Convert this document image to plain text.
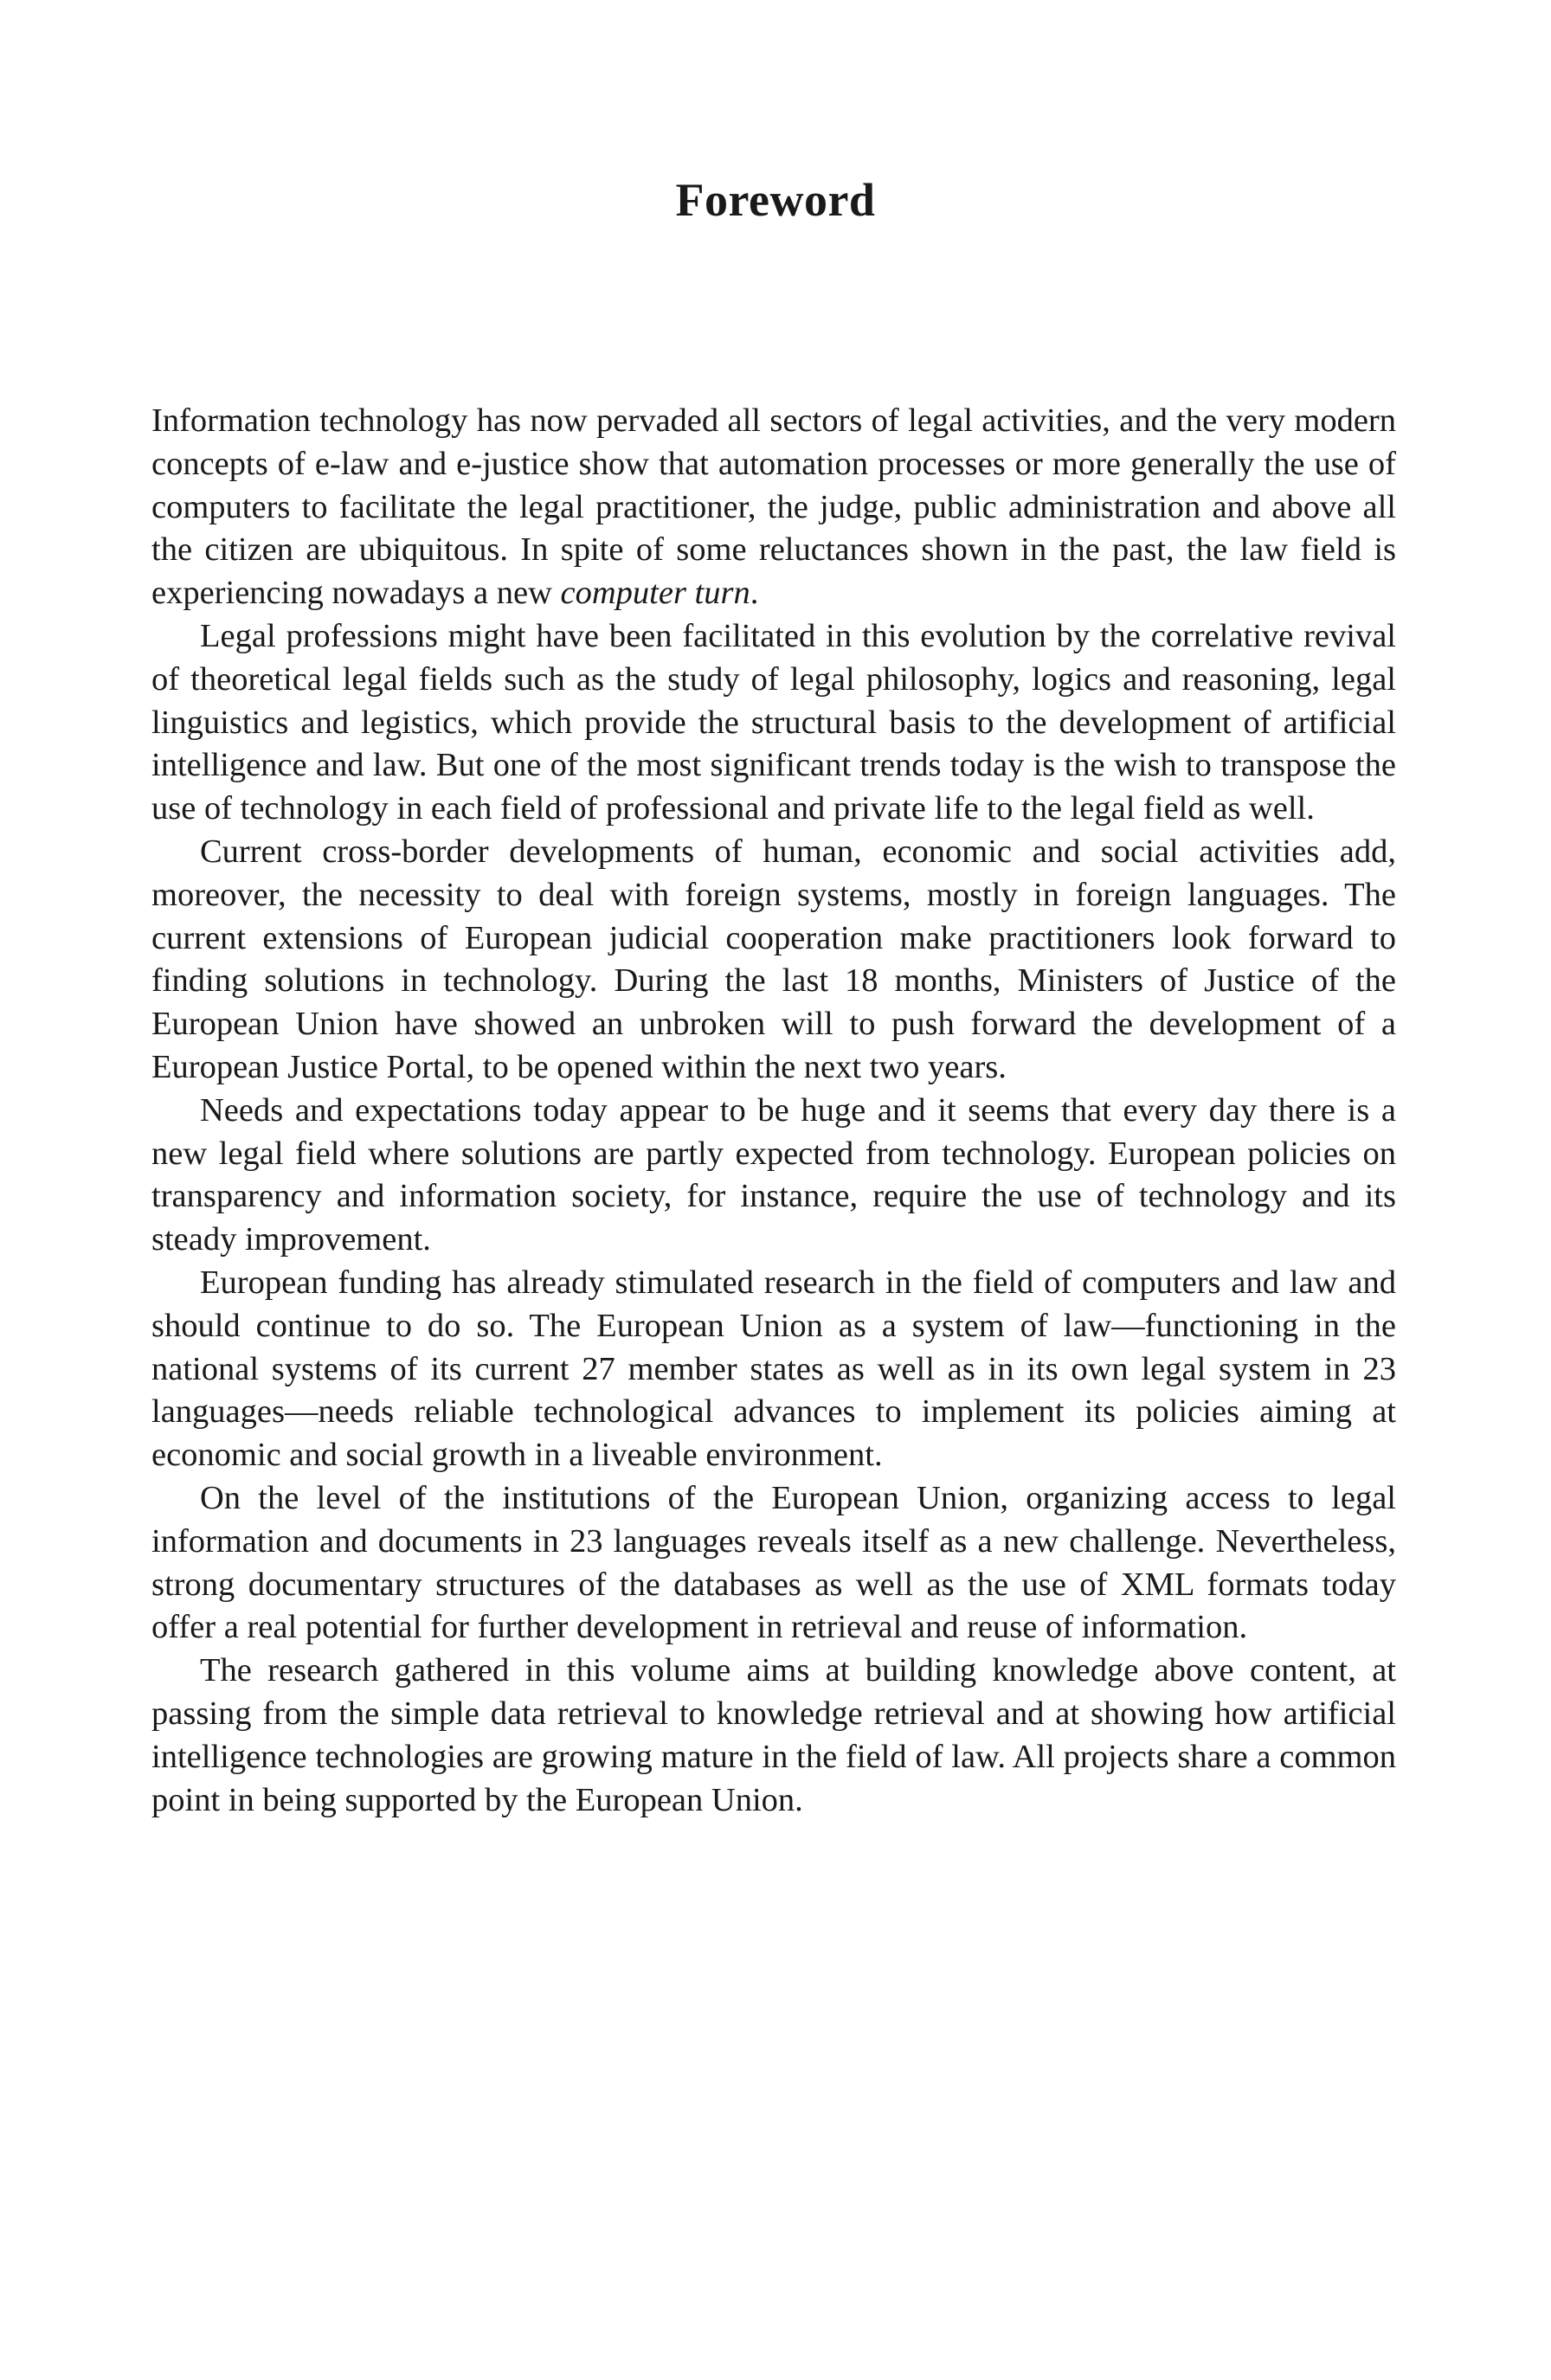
Foreword

Information technology has now pervaded all sectors of legal activities, and the very modern concepts of e-law and e-justice show that automation processes or more generally the use of computers to facilitate the legal practitioner, the judge, public administration and above all the citizen are ubiquitous. In spite of some reluctances shown in the past, the law field is experiencing nowadays a new computer turn.

Legal professions might have been facilitated in this evolution by the correlative revival of theoretical legal fields such as the study of legal philosophy, logics and reasoning, legal linguistics and legistics, which provide the structural basis to the development of artificial intelligence and law. But one of the most significant trends today is the wish to transpose the use of technology in each field of professional and private life to the legal field as well.

Current cross-border developments of human, economic and social activities add, moreover, the necessity to deal with foreign systems, mostly in foreign languages. The current extensions of European judicial cooperation make practitioners look forward to finding solutions in technology. During the last 18 months, Ministers of Justice of the European Union have showed an unbroken will to push forward the development of a European Justice Portal, to be opened within the next two years.

Needs and expectations today appear to be huge and it seems that every day there is a new legal field where solutions are partly expected from technology. European policies on transparency and information society, for instance, require the use of technology and its steady improvement.

European funding has already stimulated research in the field of computers and law and should continue to do so. The European Union as a system of law—functioning in the national systems of its current 27 member states as well as in its own legal system in 23 languages—needs reliable technological advances to implement its policies aiming at economic and social growth in a liveable environment.

On the level of the institutions of the European Union, organizing access to legal information and documents in 23 languages reveals itself as a new challenge. Nevertheless, strong documentary structures of the databases as well as the use of XML formats today offer a real potential for further development in retrieval and reuse of information.

The research gathered in this volume aims at building knowledge above content, at passing from the simple data retrieval to knowledge retrieval and at showing how artificial intelligence technologies are growing mature in the field of law. All projects share a common point in being supported by the European Union.
